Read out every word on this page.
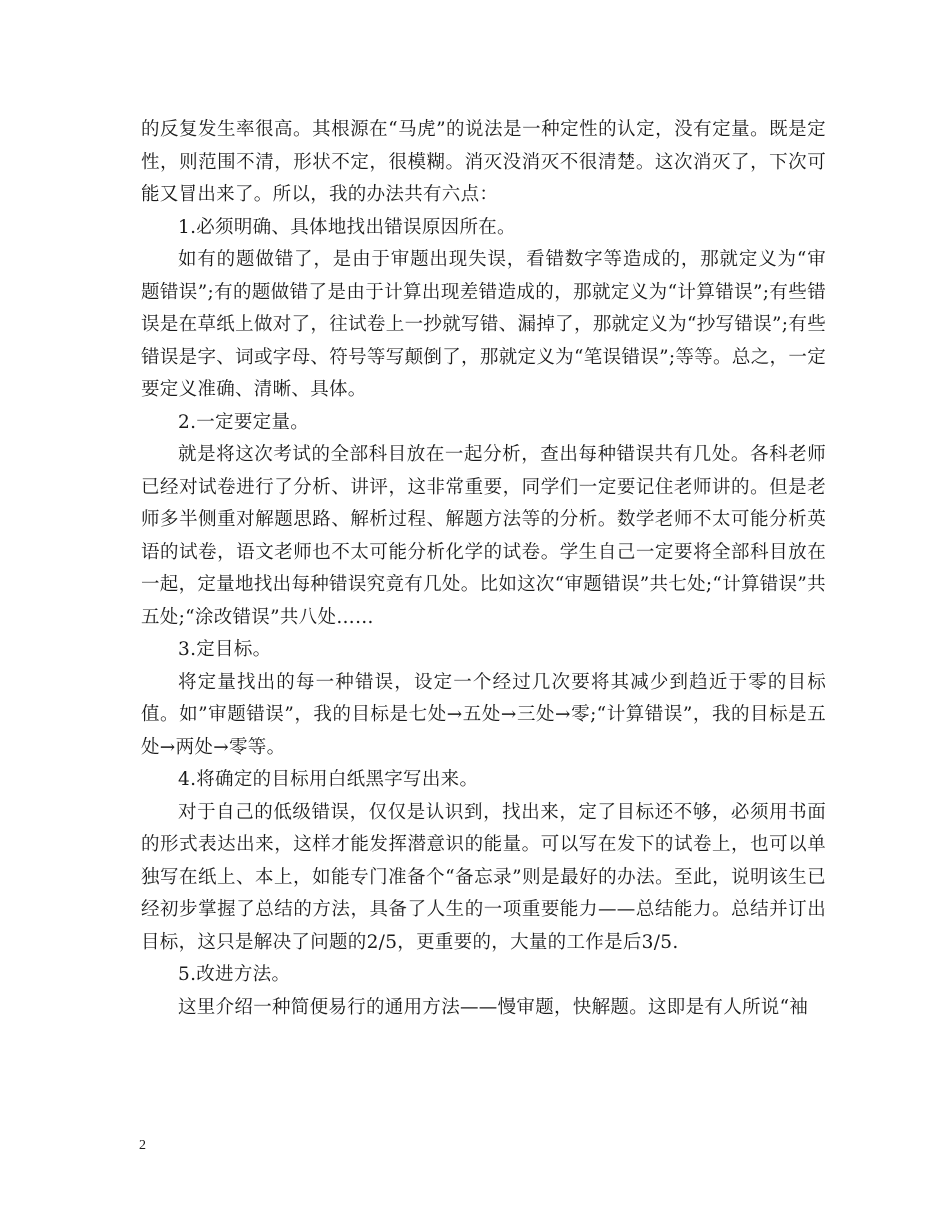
的反复发生率很高。其根源在“马虎”的说法是一种定性的认定，没有定量。既是定性，则范围不清，形状不定，很模糊。消灭没消灭不很清楚。这次消灭了，下次可能又冒出来了。所以，我的办法共有六点：

1.必须明确、具体地找出错误原因所在。

如有的题做错了，是由于审题出现失误，看错数字等造成的，那就定义为“审题错误”;有的题做错了是由于计算出现差错造成的，那就定义为“计算错误”;有些错误是在草纸上做对了，往试卷上一抄就写错、漏掉了，那就定义为“抄写错误”;有些错误是字、词或字母、符号等写颠倒了，那就定义为“笔误错误”;等等。总之，一定要定义准确、清晰、具体。

2.一定要定量。

就是将这次考试的全部科目放在一起分析，查出每种错误共有几处。各科老师已经对试卷进行了分析、讲评，这非常重要，同学们一定要记住老师讲的。但是老师多半侧重对解题思路、解析过程、解题方法等的分析。数学老师不太可能分析英语的试卷，语文老师也不太可能分析化学的试卷。学生自己一定要将全部科目放在一起，定量地找出每种错误究竟有几处。比如这次“审题错误”共七处;“计算错误”共五处;“涂改错误”共八处……

3.定目标。

将定量找出的每一种错误，设定一个经过几次要将其减少到趋近于零的目标值。如”审题错误”，我的目标是七处→五处→三处→零;“计算错误”，我的目标是五处→两处→零等。

4.将确定的目标用白纸黑字写出来。

对于自己的低级错误，仅仅是认识到，找出来，定了目标还不够，必须用书面的形式表达出来，这样才能发挥潜意识的能量。可以写在发下的试卷上，也可以单独写在纸上、本上，如能专门准备个“备忘录”则是最好的办法。至此，说明该生已经初步掌握了总结的方法，具备了人生的一项重要能力——总结能力。总结并订出目标，这只是解决了问题的2/5，更重要的，大量的工作是后3/5.

5.改进方法。

这里介绍一种简便易行的通用方法——慢审题，快解题。这即是有人所说“袖

2
